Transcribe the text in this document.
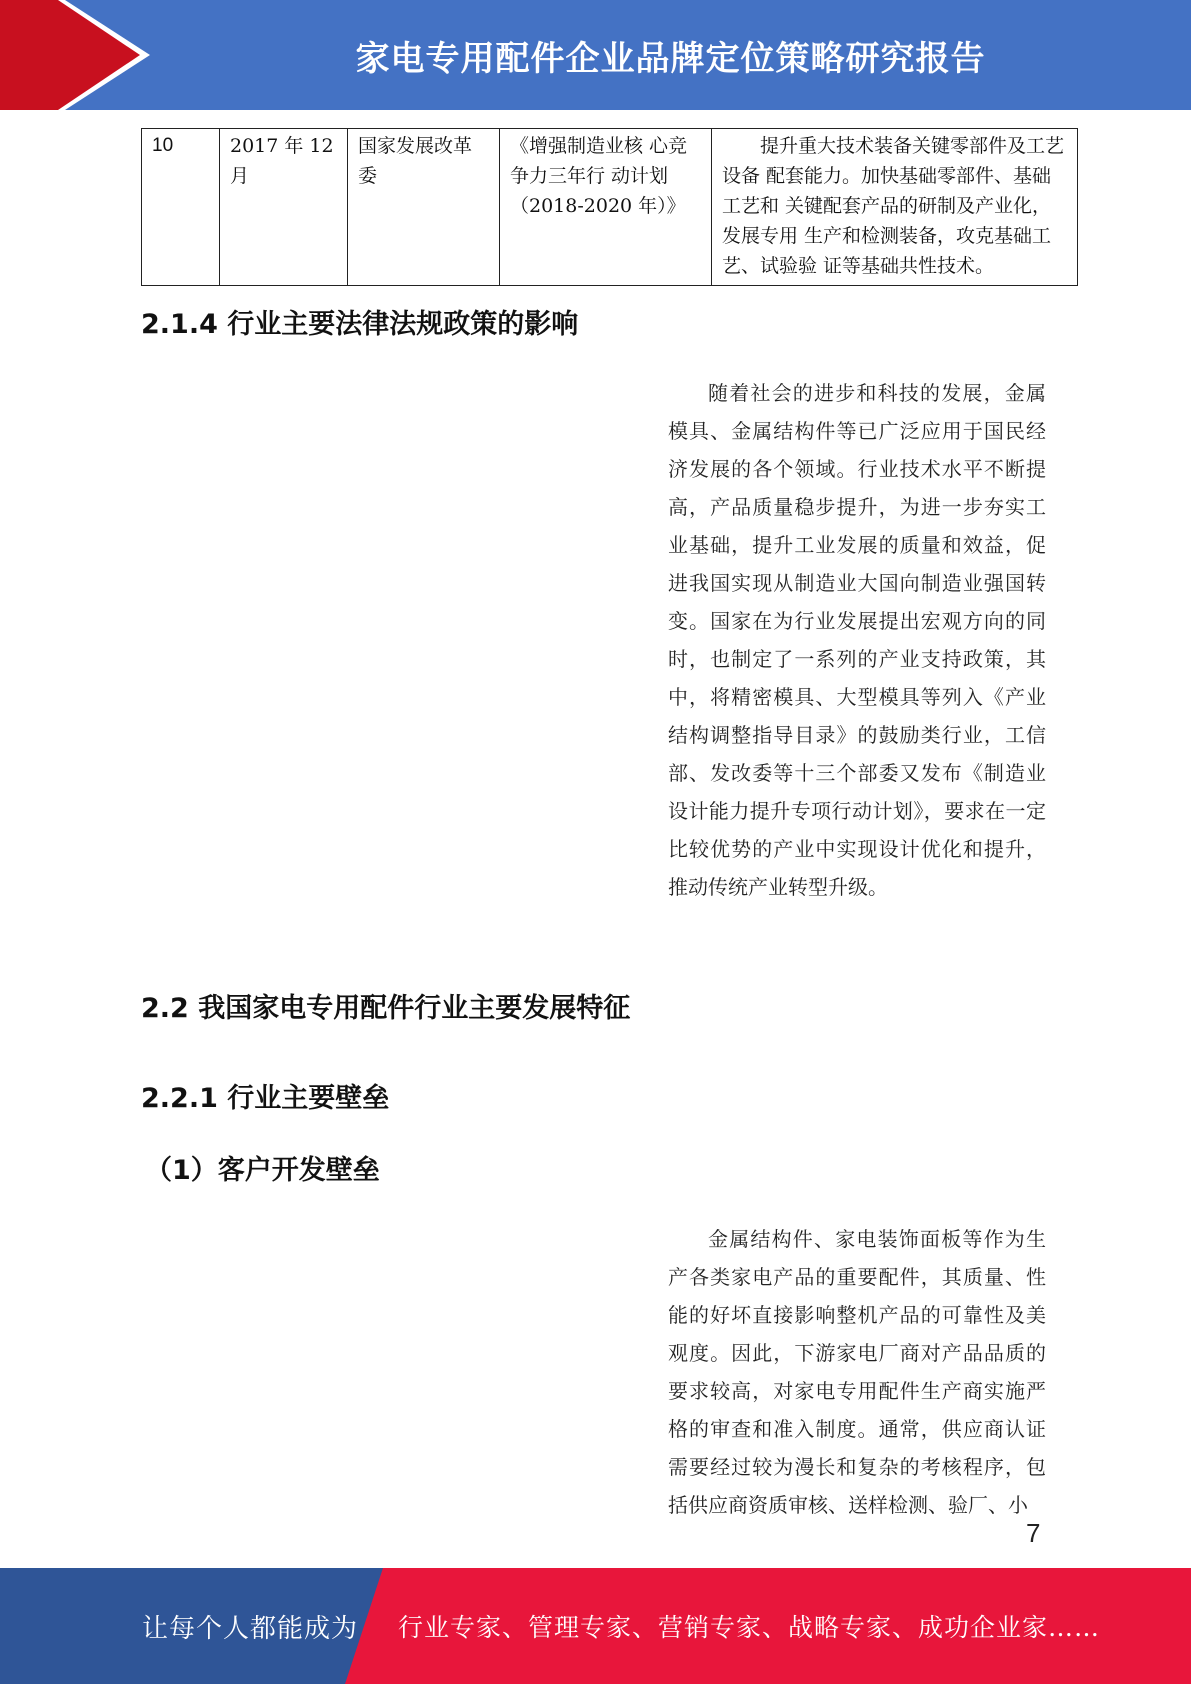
家电专用配件企业品牌定位策略研究报告
10	2017 年 12 月	国家发展改革委	《增强制造业核 心竞争力三年行 动计划（2018-2020 年）》	提升重大技术装备关键零部件及工艺设备 配套能力。加快基础零部件、基础工艺和 关键配套产品的研制及产业化，发展专用 生产和检测装备，攻克基础工艺、试验验 证等基础共性技术。
2.1.4 行业主要法律法规政策的影响
随着社会的进步和科技的发展，金属模具、金属结构件等已广泛应用于国民经济发展的各个领域。行业技术水平不断提高，产品质量稳步提升，为进一步夯实工业基础，提升工业发展的质量和效益，促进我国实现从制造业大国向制造业强国转变。国家在为行业发展提出宏观方向的同时，也制定了一系列的产业支持政策，其中，将精密模具、大型模具等列入《产业结构调整指导目录》的鼓励类行业，工信部、发改委等十三个部委又发布《制造业设计能力提升专项行动计划》，要求在一定比较优势的产业中实现设计优化和提升，推动传统产业转型升级。
2.2 我国家电专用配件行业主要发展特征
2.2.1 行业主要壁垒
（1）客户开发壁垒
金属结构件、家电装饰面板等作为生产各类家电产品的重要配件，其质量、性能的好坏直接影响整机产品的可靠性及美观度。因此，下游家电厂商对产品品质的要求较高，对家电专用配件生产商实施严格的审查和准入制度。通常，供应商认证需要经过较为漫长和复杂的考核程序，包括供应商资质审核、送样检测、验厂、小
7
让每个人都能成为 行业专家、管理专家、营销专家、战略专家、成功企业家……
